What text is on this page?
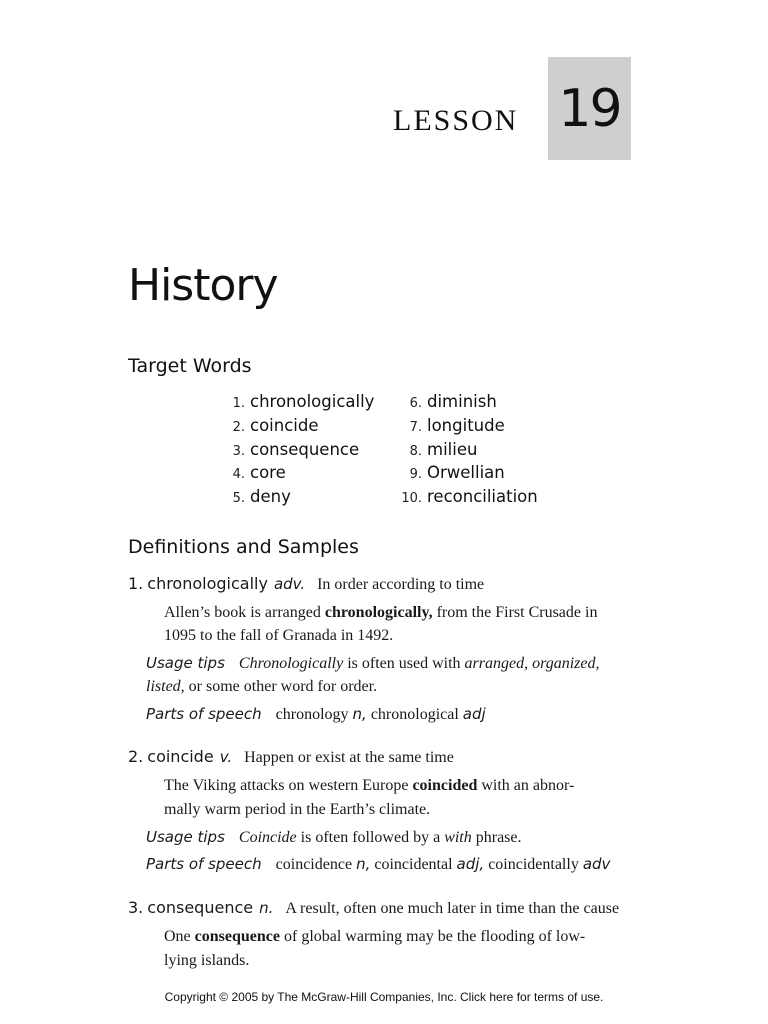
LESSON 19
History
Target Words
1. chronologically
2. coincide
3. consequence
4. core
5. deny
6. diminish
7. longitude
8. milieu
9. Orwellian
10. reconciliation
Definitions and Samples
1. chronologically adv. In order according to time
Allen’s book is arranged chronologically, from the First Crusade in
1095 to the fall of Granada in 1492.
Usage tips Chronologically is often used with arranged, organized,
listed, or some other word for order.
Parts of speech chronology n, chronological adj
2. coincide v. Happen or exist at the same time
The Viking attacks on western Europe coincided with an abnor-
mally warm period in the Earth’s climate.
Usage tips Coincide is often followed by a with phrase.
Parts of speech coincidence n, coincidental adj, coincidentally adv
3. consequence n. A result, often one much later in time than the cause
One consequence of global warming may be the flooding of low-
lying islands.
Copyright © 2005 by The McGraw-Hill Companies, Inc. Click here for terms of use.
